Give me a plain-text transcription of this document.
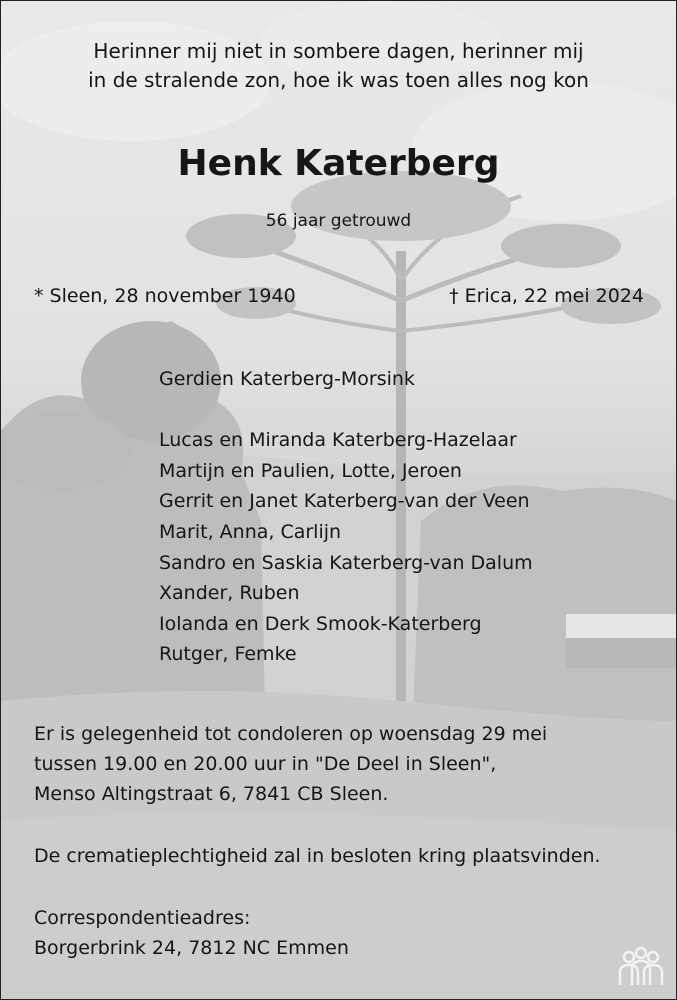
Herinner mij niet in sombere dagen, herinner mij
in de stralende zon, hoe ik was toen alles nog kon
Henk Katerberg
56 jaar getrouwd
* Sleen, 28 november 1940	† Erica, 22 mei 2024
Gerdien Katerberg-Morsink
Lucas en Miranda Katerberg-Hazelaar
Martijn en Paulien, Lotte, Jeroen
Gerrit en Janet Katerberg-van der Veen
Marit, Anna, Carlijn
Sandro en Saskia Katerberg-van Dalum
Xander, Ruben
Iolanda en Derk Smook-Katerberg
Rutger, Femke
Er is gelegenheid tot condoleren op woensdag 29 mei
tussen 19.00 en 20.00 uur in "De Deel in Sleen",
Menso Altingstraat 6, 7841 CB Sleen.
De crematieplechtigheid zal in besloten kring plaatsvinden.
Correspondentieadres:
Borgerbrink 24, 7812 NC Emmen
